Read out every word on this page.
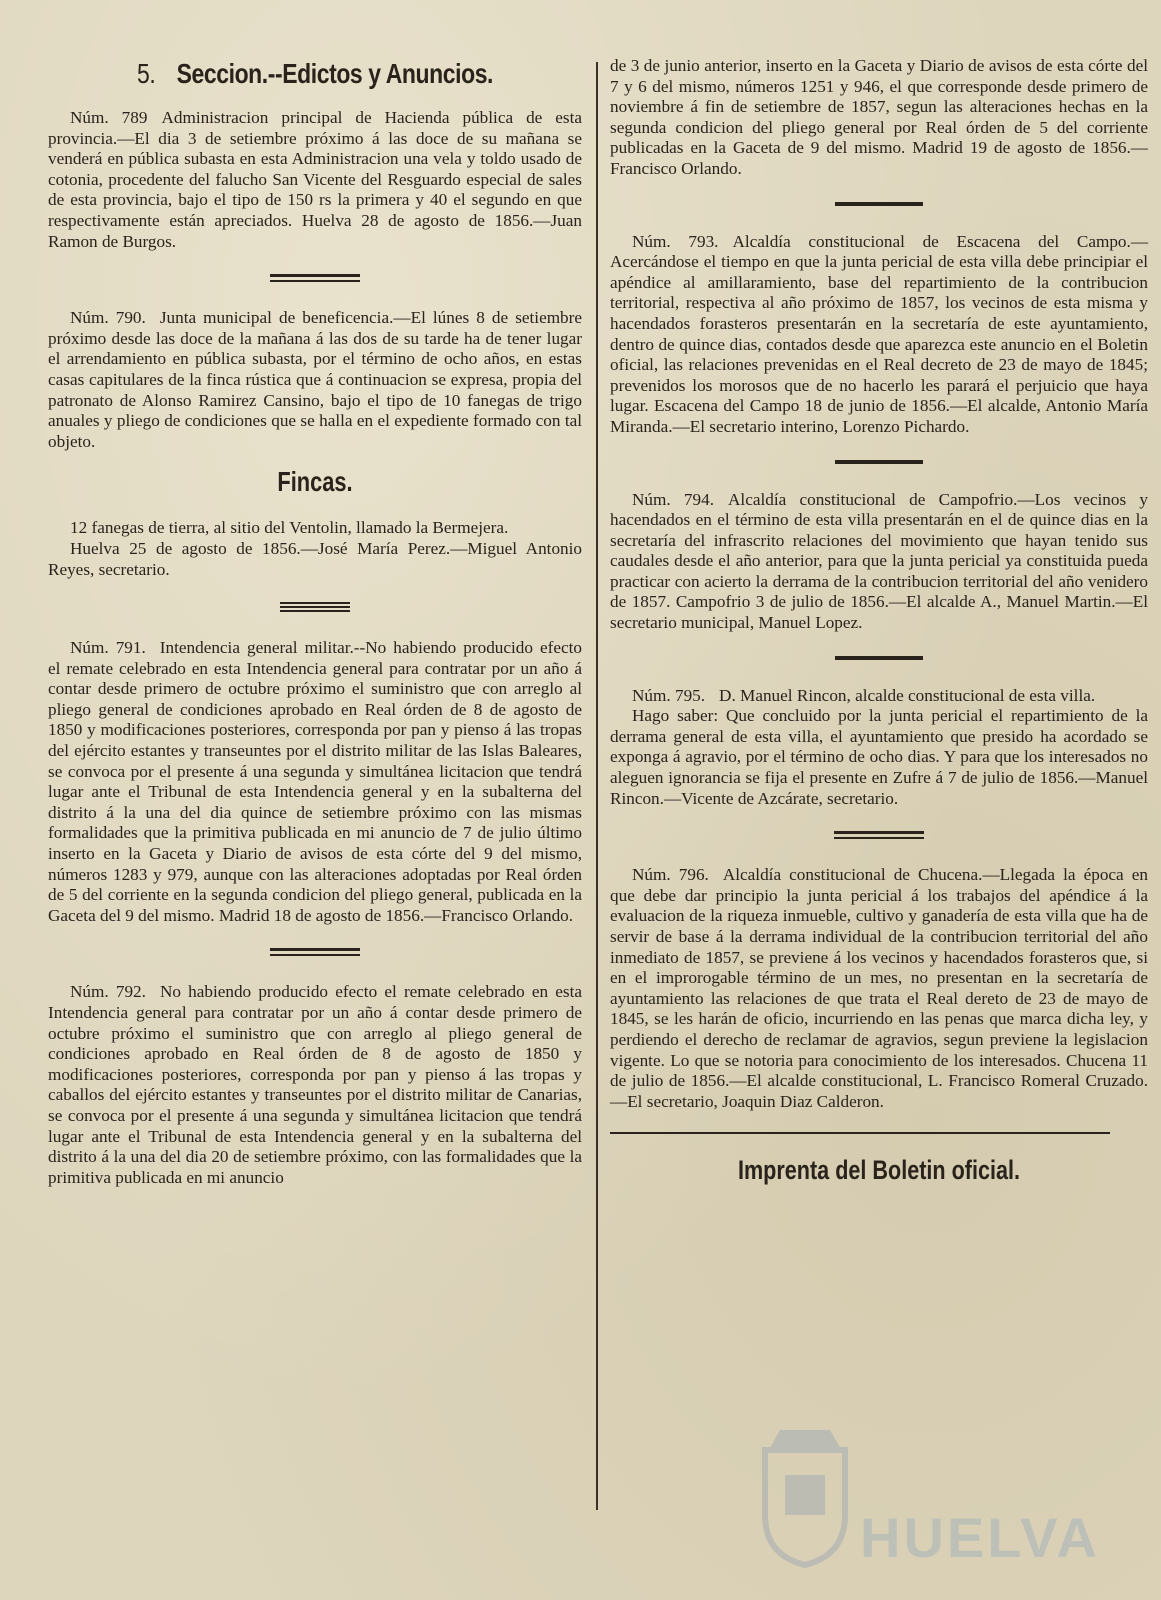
5. Seccion.--Edictos y Anuncios.

Núm. 789 Administracion principal de Hacienda pública de esta provincia.—El dia 3 de setiembre próximo á las doce de su mañana se venderá en pública subasta en esta Administracion una vela y toldo usado de cotonia, procedente del falucho San Vicente del Resguardo especial de sales de esta provincia, bajo el tipo de 150 rs la primera y 40 el segundo en que respectivamente están apreciados. Huelva 28 de agosto de 1856.—Juan Ramon de Burgos.

Núm. 790. Junta municipal de beneficencia.—El lúnes 8 de setiembre próximo desde las doce de la mañana á las dos de su tarde ha de tener lugar el arrendamiento en pública subasta, por el término de ocho años, en estas casas capitulares de la finca rústica que á continuacion se expresa, propia del patronato de Alonso Ramirez Cansino, bajo el tipo de 10 fanegas de trigo anuales y pliego de condiciones que se halla en el expediente formado con tal objeto.

Fincas.

12 fanegas de tierra, al sitio del Ventolin, llamado la Bermejera.

Huelva 25 de agosto de 1856.—José María Perez.—Miguel Antonio Reyes, secretario.

Núm. 791. Intendencia general militar.--No habiendo producido efecto el remate celebrado en esta Intendencia general para contratar por un año á contar desde primero de octubre próximo el suministro que con arreglo al pliego general de condiciones aprobado en Real órden de 8 de agosto de 1850 y modificaciones posteriores, corresponda por pan y pienso á las tropas del ejército estantes y transeuntes por el distrito militar de las Islas Baleares, se convoca por el presente á una segunda y simultánea licitacion que tendrá lugar ante el Tribunal de esta Intendencia general y en la subalterna del distrito á la una del dia quince de setiembre próximo con las mismas formalidades que la primitiva publicada en mi anuncio de 7 de julio último inserto en la Gaceta y Diario de avisos de esta córte del 9 del mismo, números 1283 y 979, aunque con las alteraciones adoptadas por Real órden de 5 del corriente en la segunda condicion del pliego general, publicada en la Gaceta del 9 del mismo. Madrid 18 de agosto de 1856.—Francisco Orlando.

Núm. 792. No habiendo producido efecto el remate celebrado en esta Intendencia general para contratar por un año á contar desde primero de octubre próximo el suministro que con arreglo al pliego general de condiciones aprobado en Real órden de 8 de agosto de 1850 y modificaciones posteriores, corresponda por pan y pienso á las tropas y caballos del ejército estantes y transeuntes por el distrito militar de Canarias, se convoca por el presente á una segunda y simultánea licitacion que tendrá lugar ante el Tribunal de esta Intendencia general y en la subalterna del distrito á la una del dia 20 de setiembre próximo, con las formalidades que la primitiva publicada en mi anuncio

de 3 de junio anterior, inserto en la Gaceta y Diario de avisos de esta córte del 7 y 6 del mismo, números 1251 y 946, el que corresponde desde primero de noviembre á fin de setiembre de 1857, segun las alteraciones hechas en la segunda condicion del pliego general por Real órden de 5 del corriente publicadas en la Gaceta de 9 del mismo. Madrid 19 de agosto de 1856.—Francisco Orlando.

Núm. 793. Alcaldía constitucional de Escacena del Campo.—Acercándose el tiempo en que la junta pericial de esta villa debe principiar el apéndice al amillaramiento, base del repartimiento de la contribucion territorial, respectiva al año próximo de 1857, los vecinos de esta misma y hacendados forasteros presentarán en la secretaría de este ayuntamiento, dentro de quince dias, contados desde que aparezca este anuncio en el Boletin oficial, las relaciones prevenidas en el Real decreto de 23 de mayo de 1845; prevenidos los morosos que de no hacerlo les parará el perjuicio que haya lugar. Escacena del Campo 18 de junio de 1856.—El alcalde, Antonio María Miranda.—El secretario interino, Lorenzo Pichardo.

Núm. 794. Alcaldía constitucional de Campofrio.—Los vecinos y hacendados en el término de esta villa presentarán en el de quince dias en la secretaría del infrascrito relaciones del movimiento que hayan tenido sus caudales desde el año anterior, para que la junta pericial ya constituida pueda practicar con acierto la derrama de la contribucion territorial del año venidero de 1857. Campofrio 3 de julio de 1856.—El alcalde A., Manuel Martin.—El secretario municipal, Manuel Lopez.

Núm. 795. D. Manuel Rincon, alcalde constitucional de esta villa.

Hago saber: Que concluido por la junta pericial el repartimiento de la derrama general de esta villa, el ayuntamiento que presido ha acordado se exponga á agravio, por el término de ocho dias. Y para que los interesados no aleguen ignorancia se fija el presente en Zufre á 7 de julio de 1856.—Manuel Rincon.—Vicente de Azcárate, secretario.

Núm. 796. Alcaldía constitucional de Chucena.—Llegada la época en que debe dar principio la junta pericial á los trabajos del apéndice á la evaluacion de la riqueza inmueble, cultivo y ganadería de esta villa que ha de servir de base á la derrama individual de la contribucion territorial del año inmediato de 1857, se previene á los vecinos y hacendados forasteros que, si en el improrogable término de un mes, no presentan en la secretaría de ayuntamiento las relaciones de que trata el Real dereto de 23 de mayo de 1845, se les harán de oficio, incurriendo en las penas que marca dicha ley, y perdiendo el derecho de reclamar de agravios, segun previene la legislacion vigente. Lo que se notoria para conocimiento de los interesados. Chucena 11 de julio de 1856.—El alcalde constitucional, L. Francisco Romeral Cruzado.—El secretario, Joaquin Diaz Calderon.

Imprenta del Boletin oficial.
HUELVA
